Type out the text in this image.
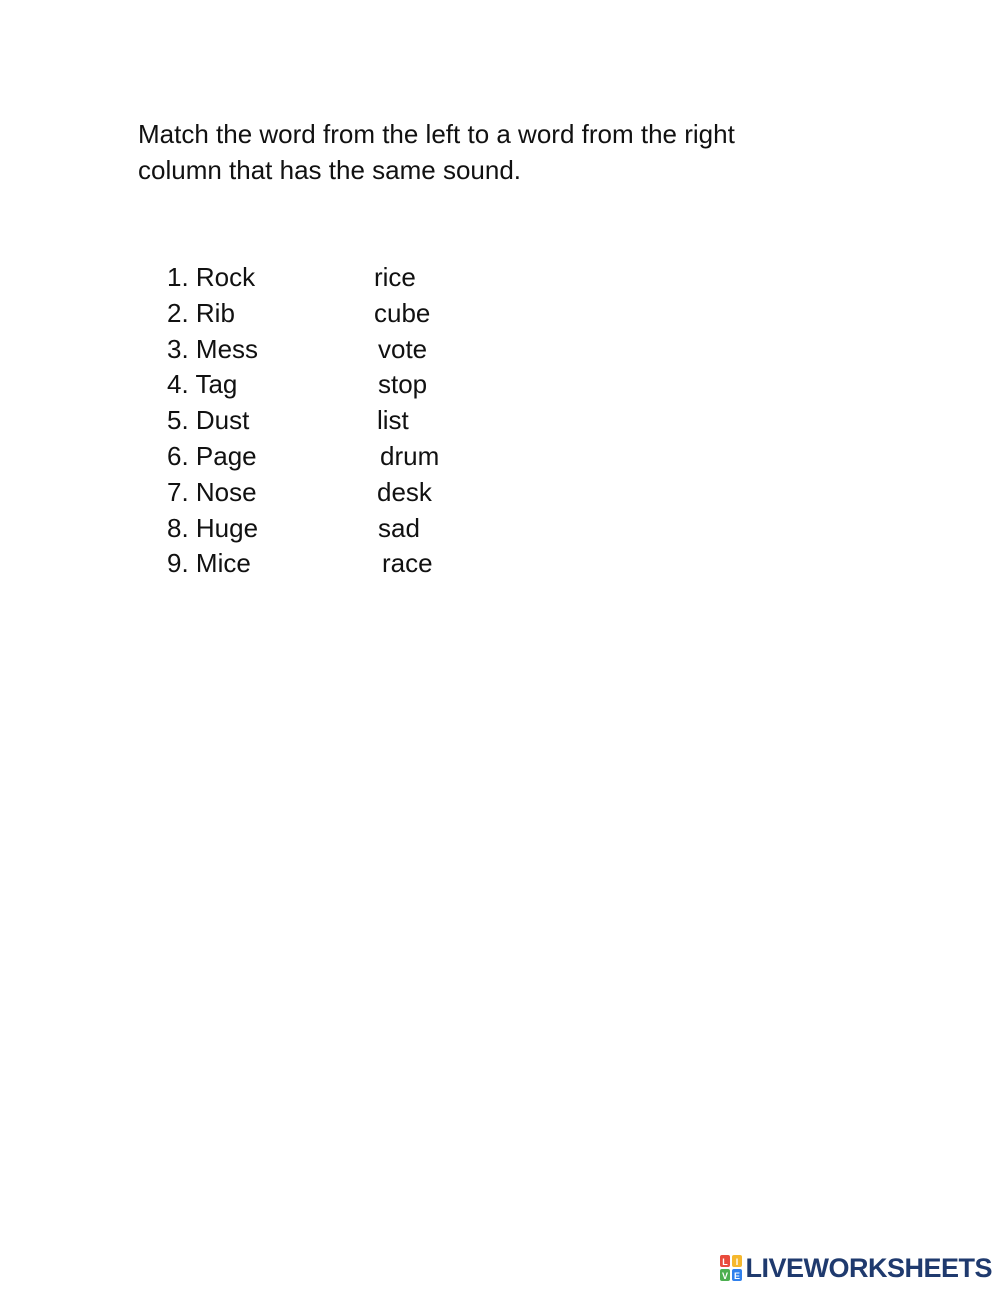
Match the word from the left to a word from the right
column that has the same sound.
1. Rock	rice
2. Rib	cube
3. Mess	vote
4. Tag	stop
5. Dust	list
6. Page	drum
7. Nose	desk
8. Huge	sad
9. Mice	race
L I
V E LIVEWORKSHEETS
